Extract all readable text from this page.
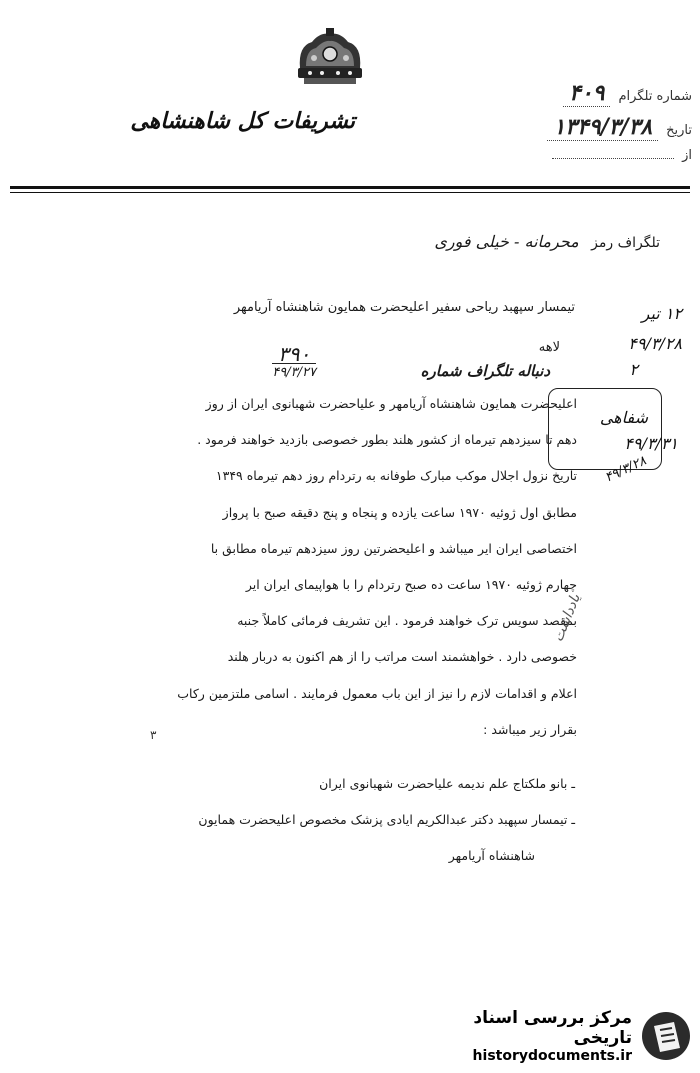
تشریفات کل شاهنشاهی
شماره تلگرام
۴۰۹
تاریخ
۱۳۴۹/۳/۳۸
از
تلگراف رمز محرمانه - خیلی فوری
تیمسار سپهبد ریاحی سفیر اعلیحضرت همایون شاهنشاه آریامهر
لاهه
دنباله تلگراف شماره
۳۹۰
۴۹/۳/۲۷

اعلیحضرت همایون شاهنشاه آریامهر و علیاحضرت شهبانوی ایران از روز

دهم تا سیزدهم تیرماه از کشور هلند بطور خصوصی بازدید خواهند فرمود .

تاریخ نزول اجلال موکب مبارک طوفانه به رتردام روز دهم تیرماه ۱۳۴۹

مطابق اول ژوئیه ۱۹۷۰ ساعت یازده و پنجاه و پنج دقیقه صبح با پرواز

اختصاصی ایران ایر میباشد و اعلیحضرتین روز سیزدهم تیرماه مطابق با

چهارم ژوئیه ۱۹۷۰ ساعت ده صبح رتردام را با هواپیمای ایران ایر

بمقصد سویس ترک خواهند فرمود . این تشریف فرمائی کاملاً جنبه

خصوصی دارد . خواهشمند است مراتب را از هم اکنون به دربار هلند

اعلام و اقدامات لازم را نیز از این باب معمول فرمایند . اسامی ملتزمین رکاب

بقرار زیر میباشد :

ـ بانو ملکتاج علم ندیمه علیاحضرت شهبانوی ایران

ـ تیمسار سپهبد دکتر عبدالکریم ایادی پزشک مخصوص اعلیحضرت همایون

شاهنشاه آریامهر

۱۲ تیر
۴۹/۳/۲۸
۲
شفاهی
۴۹/۳/۳۱
۴۹/۳/۲۸
یادداشت
۳
مرکز بررسی اسناد تاریخی
historydocuments.ir
